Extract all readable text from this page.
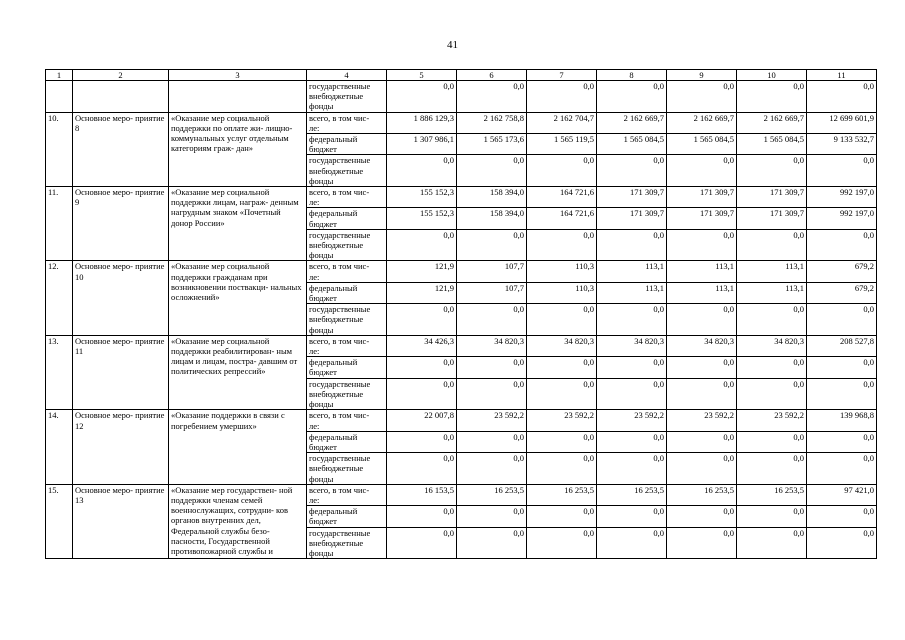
41
1	2	3	4	5	6	7	8	9	10	11
			государственные
внебюджетные
фонды	0,0	0,0	0,0	0,0	0,0	0,0	0,0
10.	Основное меро- приятие 8	«Оказание мер социальной поддержки по оплате жи- лищно-коммунальных услуг отдельным категориям граж- дан»	всего, в том чис-
ле:	1 886 129,3	2 162 758,8	2 162 704,7	2 162 669,7	2 162 669,7	2 162 669,7	12 699 601,9
			федеральный
бюджет	1 307 986,1	1 565 173,6	1 565 119,5	1 565 084,5	1 565 084,5	1 565 084,5	9 133 532,7
			государственные
внебюджетные
фонды	0,0	0,0	0,0	0,0	0,0	0,0	0,0
11.	Основное меро- приятие 9	«Оказание мер социальной поддержки лицам, награж- денным нагрудным знаком «Почетный донор России»	всего, в том чис-
ле:	155 152,3	158 394,0	164 721,6	171 309,7	171 309,7	171 309,7	992 197,0
			федеральный
бюджет	155 152,3	158 394,0	164 721,6	171 309,7	171 309,7	171 309,7	992 197,0
			государственные
внебюджетные
фонды	0,0	0,0	0,0	0,0	0,0	0,0	0,0
12.	Основное меро- приятие 10	«Оказание мер социальной поддержки гражданам при возникновении поствакци- нальных осложнений»	всего, в том чис-
ле:	121,9	107,7	110,3	113,1	113,1	113,1	679,2
			федеральный
бюджет	121,9	107,7	110,3	113,1	113,1	113,1	679,2
			государственные
внебюджетные
фонды	0,0	0,0	0,0	0,0	0,0	0,0	0,0
13.	Основное меро- приятие 11	«Оказание мер социальной поддержки реабилитирован- ным лицам и лицам, постра- давшим от политических репрессий»	всего, в том чис-
ле:	34 426,3	34 820,3	34 820,3	34 820,3	34 820,3	34 820,3	208 527,8
			федеральный
бюджет	0,0	0,0	0,0	0,0	0,0	0,0	0,0
			государственные
внебюджетные
фонды	0,0	0,0	0,0	0,0	0,0	0,0	0,0
14.	Основное меро- приятие 12	«Оказание поддержки в связи с погребением умерших»	всего, в том чис-
ле:	22 007,8	23 592,2	23 592,2	23 592,2	23 592,2	23 592,2	139 968,8
			федеральный
бюджет	0,0	0,0	0,0	0,0	0,0	0,0	0,0
			государственные
внебюджетные
фонды	0,0	0,0	0,0	0,0	0,0	0,0	0,0
15.	Основное меро- приятие 13	«Оказание мер государствен- ной поддержки членам семей военнослужащих, сотрудни- ков органов внутренних дел, Федеральной службы безо- пасности, Государственной противопожарной службы и	всего, в том чис-
ле:	16 153,5	16 253,5	16 253,5	16 253,5	16 253,5	16 253,5	97 421,0
			федеральный
бюджет	0,0	0,0	0,0	0,0	0,0	0,0	0,0
			государственные
внебюджетные
фонды	0,0	0,0	0,0	0,0	0,0	0,0	0,0
